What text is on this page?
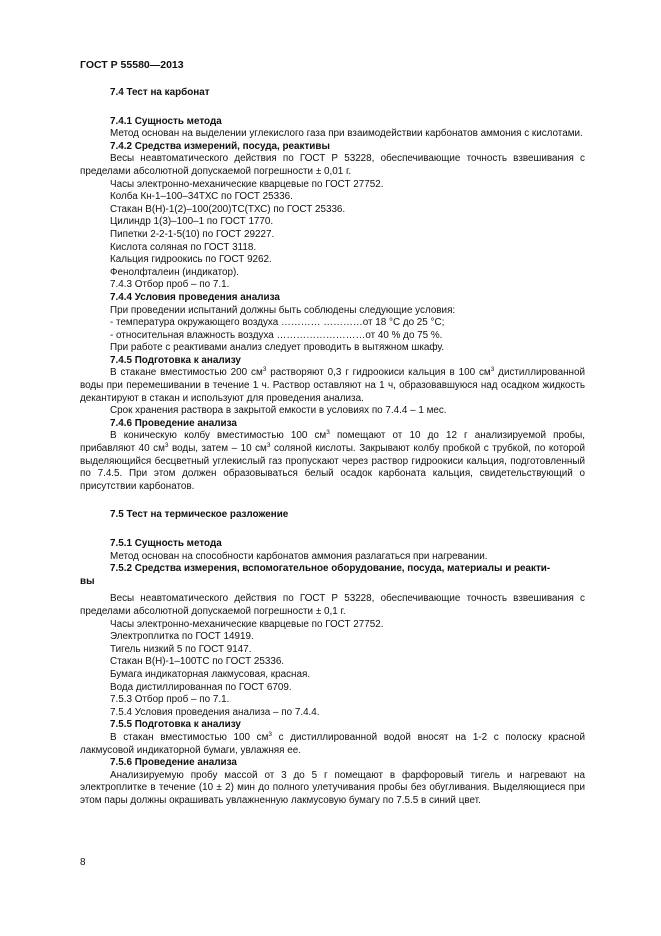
ГОСТ Р 55580—2013

7.4 Тест на карбонат

7.4.1 Сущность метода

Метод основан на выделении углекислого газа при взаимодействии карбонатов аммония с кислотами.

7.4.2 Средства измерений, посуда, реактивы

Весы неавтоматического действия по ГОСТ Р 53228, обеспечивающие точность взвешивания с пределами абсолютной допускаемой погрешности ± 0,01 г.

Часы электронно-механические кварцевые по ГОСТ 27752.

Колба Кн-1–100–34ТХС по ГОСТ 25336.

Стакан В(Н)-1(2)–100(200)ТС(ТХС) по ГОСТ 25336.

Цилиндр 1(3)–100–1 по ГОСТ 1770.

Пипетки 2-2-1-5(10) по ГОСТ 29227.

Кислота соляная по ГОСТ 3118.

Кальция гидроокись по ГОСТ 9262.

Фенолфталеин (индикатор).

7.4.3 Отбор проб – по 7.1.

7.4.4 Условия проведения анализа

При проведении испытаний должны быть соблюдены следующие условия:

- температура окружающего воздуха ………… …………от 18 °С до 25 °С;

- относительная влажность воздуха ………………………от 40 % до 75 %.

При работе с реактивами анализ следует проводить в вытяжном шкафу.

7.4.5 Подготовка к анализу

В стакане вместимостью 200 $см^3$ растворяют 0,3 г гидроокиси кальция в 100 $см^3$ дистиллированной воды при перемешивании в течение 1 ч. Раствор оставляют на 1 ч, образовавшуюся над осадком жидкость декантируют в стакан и используют для проведения анализа.

Срок хранения раствора в закрытой емкости в условиях по 7.4.4 – 1 мес.

7.4.6 Проведение анализа

В коническую колбу вместимостью 100 $см^3$ помещают от 10 до 12 г анализируемой пробы, прибавляют 40 $см^3$ воды, затем – 10 $см^3$ соляной кислоты. Закрывают колбу пробкой с трубкой, по которой выделяющийся бесцветный углекислый газ пропускают через раствор гидроокиси кальция, подготовленный по 7.4.5. При этом должен образовываться белый осадок карбоната кальция, свидетельствующий о присутствии карбонатов.

7.5 Тест на термическое разложение

7.5.1 Сущность метода

Метод основан на способности карбонатов аммония разлагаться при нагревании.

7.5.2 Средства измерения, вспомогательное оборудование, посуда, материалы и реакти-

вы

Весы неавтоматического действия по ГОСТ Р 53228, обеспечивающие точность взвешивания с пределами абсолютной допускаемой погрешности ± 0,1 г.

Часы электронно-механические кварцевые по ГОСТ 27752.

Электроплитка по ГОСТ 14919.

Тигель низкий 5 по ГОСТ 9147.

Стакан В(Н)-1–100ТС по ГОСТ 25336.

Бумага индикаторная лакмусовая, красная.

Вода дистиллированная по ГОСТ 6709.

7.5.3 Отбор проб – по 7.1.

7.5.4 Условия проведения анализа – по 7.4.4.

7.5.5 Подготовка к анализу

В стакан вместимостью 100 $см^3$ с дистиллированной водой вносят на 1-2 с полоску красной лакмусовой индикаторной бумаги, увлажняя ее.

7.5.6 Проведение анализа

Анализируемую пробу массой от 3 до 5 г помещают в фарфоровый тигель и нагревают на электроплитке в течение (10 ± 2) мин до полного улетучивания пробы без обугливания. Выделяющиеся при этом пары должны окрашивать увлажненную лакмусовую бумагу по 7.5.5 в синий цвет.

8
